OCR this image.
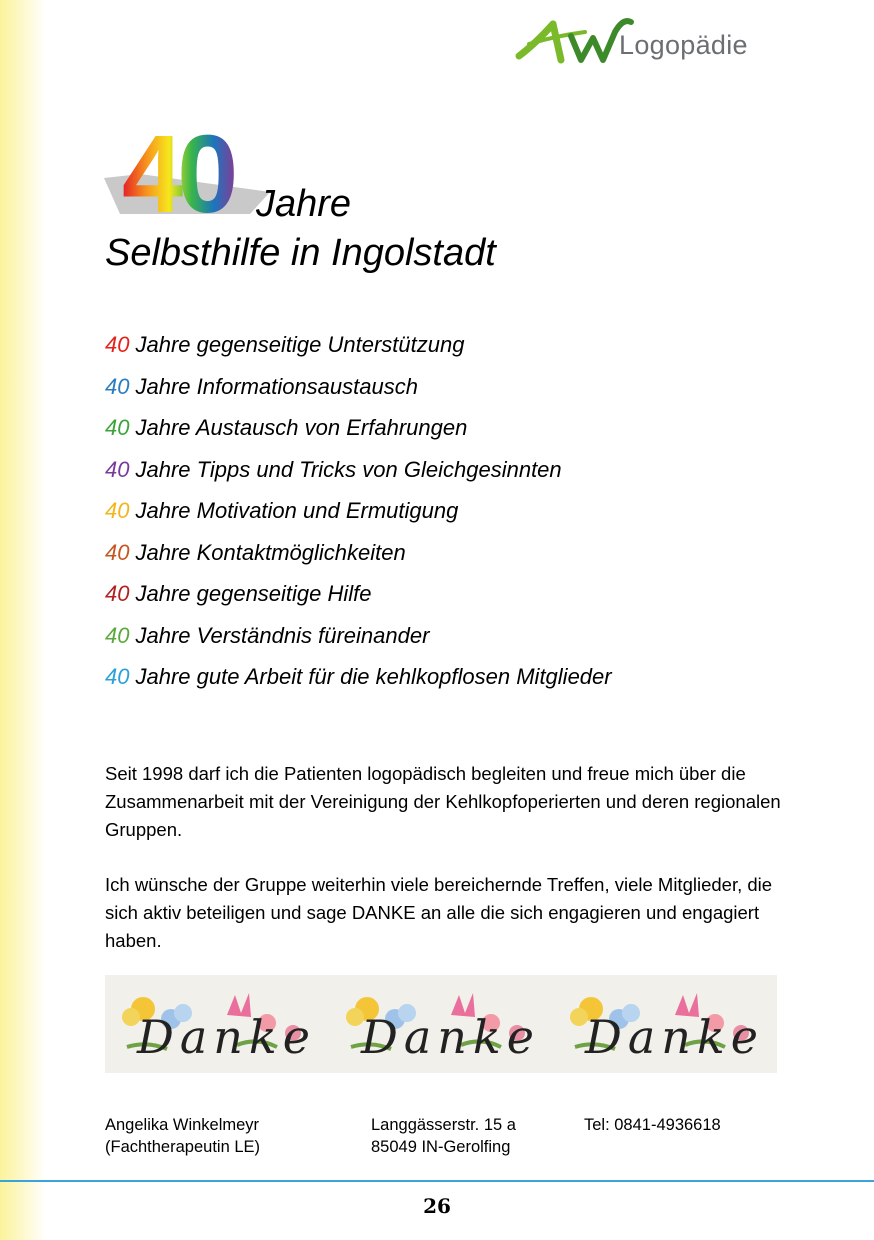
Logopädie
40 Jahre
Selbsthilfe in Ingolstadt
40 Jahre gegenseitige Unterstützung
40 Jahre Informationsaustausch
40 Jahre Austausch von Erfahrungen
40 Jahre Tipps und Tricks von Gleichgesinnten
40 Jahre Motivation und Ermutigung
40 Jahre Kontaktmöglichkeiten
40 Jahre gegenseitige Hilfe
40 Jahre Verständnis füreinander
40 Jahre gute Arbeit für die kehlkopflosen Mitglieder

Seit 1998 darf ich die Patienten logopädisch begleiten und freue mich über die Zusammenarbeit mit der Vereinigung der Kehlkopfoperierten und deren regionalen Gruppen.

Ich wünsche der Gruppe weiterhin viele bereichernde Treffen, viele Mitglieder, die sich aktiv beteiligen und sage DANKE an alle die sich engagieren und engagiert haben.

Danke Danke Danke
Angelika Winkelmeyr
(Fachtherapeutin LE)
Langgässerstr. 15 a
85049 IN-Gerolfing
Tel: 0841-4936618
26
